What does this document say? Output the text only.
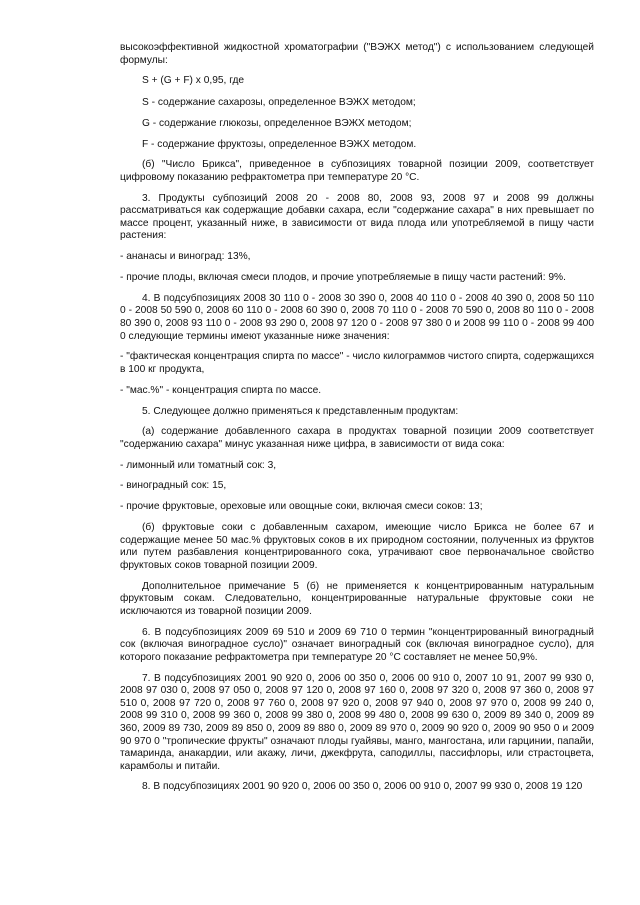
высокоэффективной жидкостной хроматографии ("ВЭЖХ метод") с использованием следующей формулы:

S + (G + F) x 0,95, где

S - содержание сахарозы, определенное ВЭЖХ методом;

G - содержание глюкозы, определенное ВЭЖХ методом;

F - содержание фруктозы, определенное ВЭЖХ методом.

(б) "Число Брикса", приведенное в субпозициях товарной позиции 2009, соответствует цифровому показанию рефрактометра при температуре 20 °С.

3. Продукты субпозиций 2008 20 - 2008 80, 2008 93, 2008 97 и 2008 99 должны рассматриваться как содержащие добавки сахара, если "содержание сахара" в них превышает по массе процент, указанный ниже, в зависимости от вида плода или употребляемой в пищу части растения:

- ананасы и виноград: 13%,

- прочие плоды, включая смеси плодов, и прочие употребляемые в пищу части растений: 9%.

4. В подсубпозициях 2008 30 110 0 - 2008 30 390 0, 2008 40 110 0 - 2008 40 390 0, 2008 50 110 0 - 2008 50 590 0, 2008 60 110 0 - 2008 60 390 0, 2008 70 110 0 - 2008 70 590 0, 2008 80 110 0 - 2008 80 390 0, 2008 93 110 0 - 2008 93 290 0, 2008 97 120 0 - 2008 97 380 0 и 2008 99 110 0 - 2008 99 400 0 следующие термины имеют указанные ниже значения:

- "фактическая концентрация спирта по массе" - число килограммов чистого спирта, содержащихся в 100 кг продукта,

- "мас.%" - концентрация спирта по массе.

5. Следующее должно применяться к представленным продуктам:

(а) содержание добавленного сахара в продуктах товарной позиции 2009 соответствует "содержанию сахара" минус указанная ниже цифра, в зависимости от вида сока:

- лимонный или томатный сок: 3,

- виноградный сок: 15,

- прочие фруктовые, ореховые или овощные соки, включая смеси соков: 13;

(б) фруктовые соки с добавленным сахаром, имеющие число Брикса не более 67 и содержащие менее 50 мас.% фруктовых соков в их природном состоянии, полученных из фруктов или путем разбавления концентрированного сока, утрачивают свое первоначальное свойство фруктовых соков товарной позиции 2009.

Дополнительное примечание 5 (б) не применяется к концентрированным натуральным фруктовым сокам. Следовательно, концентрированные натуральные фруктовые соки не исключаются из товарной позиции 2009.

6. В подсубпозициях 2009 69 510 и 2009 69 710 0 термин "концентрированный виноградный сок (включая виноградное сусло)" означает виноградный сок (включая виноградное сусло), для которого показание рефрактометра при температуре 20 °С составляет не менее 50,9%.

7. В подсубпозициях 2001 90 920 0, 2006 00 350 0, 2006 00 910 0, 2007 10 91, 2007 99 930 0, 2008 97 030 0, 2008 97 050 0, 2008 97 120 0, 2008 97 160 0, 2008 97 320 0, 2008 97 360 0, 2008 97 510 0, 2008 97 720 0, 2008 97 760 0, 2008 97 920 0, 2008 97 940 0, 2008 97 970 0, 2008 99 240 0, 2008 99 310 0, 2008 99 360 0, 2008 99 380 0, 2008 99 480 0, 2008 99 630 0, 2009 89 340 0, 2009 89 360, 2009 89 730, 2009 89 850 0, 2009 89 880 0, 2009 89 970 0, 2009 90 920 0, 2009 90 950 0 и 2009 90 970 0 "тропические фрукты" означают плоды гуайявы, манго, мангостана, или гарцинии, папайи, тамаринда, анакардии, или акажу, личи, джекфрута, саподиллы, пассифлоры, или страстоцвета, карамболы и питайи.

8. В подсубпозициях 2001 90 920 0, 2006 00 350 0, 2006 00 910 0, 2007 99 930 0, 2008 19 120
